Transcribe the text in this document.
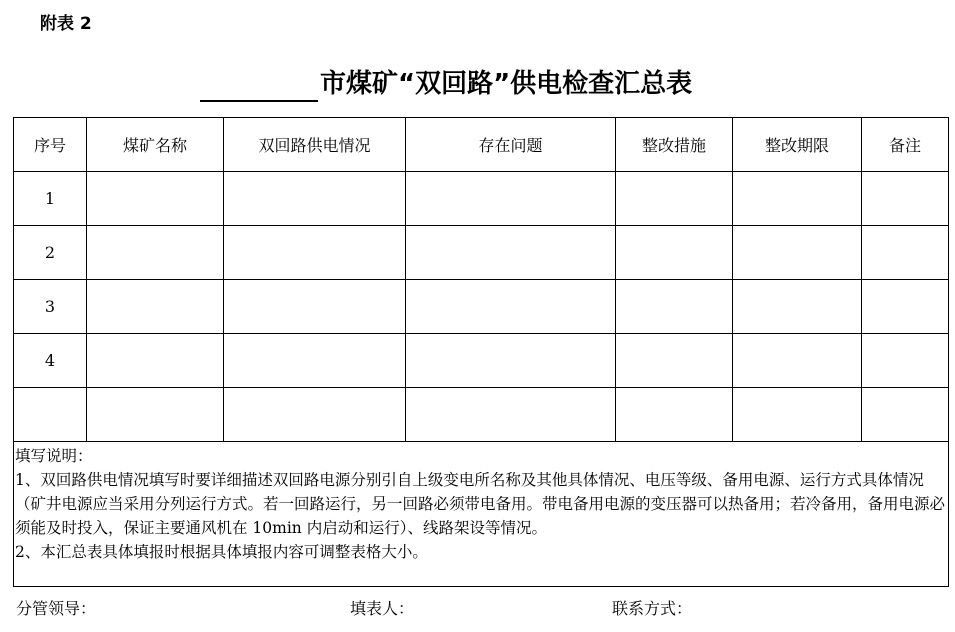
附表 2
市煤矿“双回路”供电检查汇总表
序号	煤矿名称	双回路供电情况	存在问题	整改措施	整改期限	备注
1						
2						
3						
4						

填写说明：
1、双回路供电情况填写时要详细描述双回路电源分别引自上级变电所名称及其他具体情况、电压等级、备用电源、运行方式具体情况（矿井电源应当采用分列运行方式。若一回路运行，另一回路必须带电备用。带电备用电源的变压器可以热备用；若冷备用，备用电源必须能及时投入，保证主要通风机在 10min 内启动和运行）、线路架设等情况。
2、本汇总表具体填报时根据具体填报内容可调整表格大小。						
分管领导：	填表人：	联系方式：
